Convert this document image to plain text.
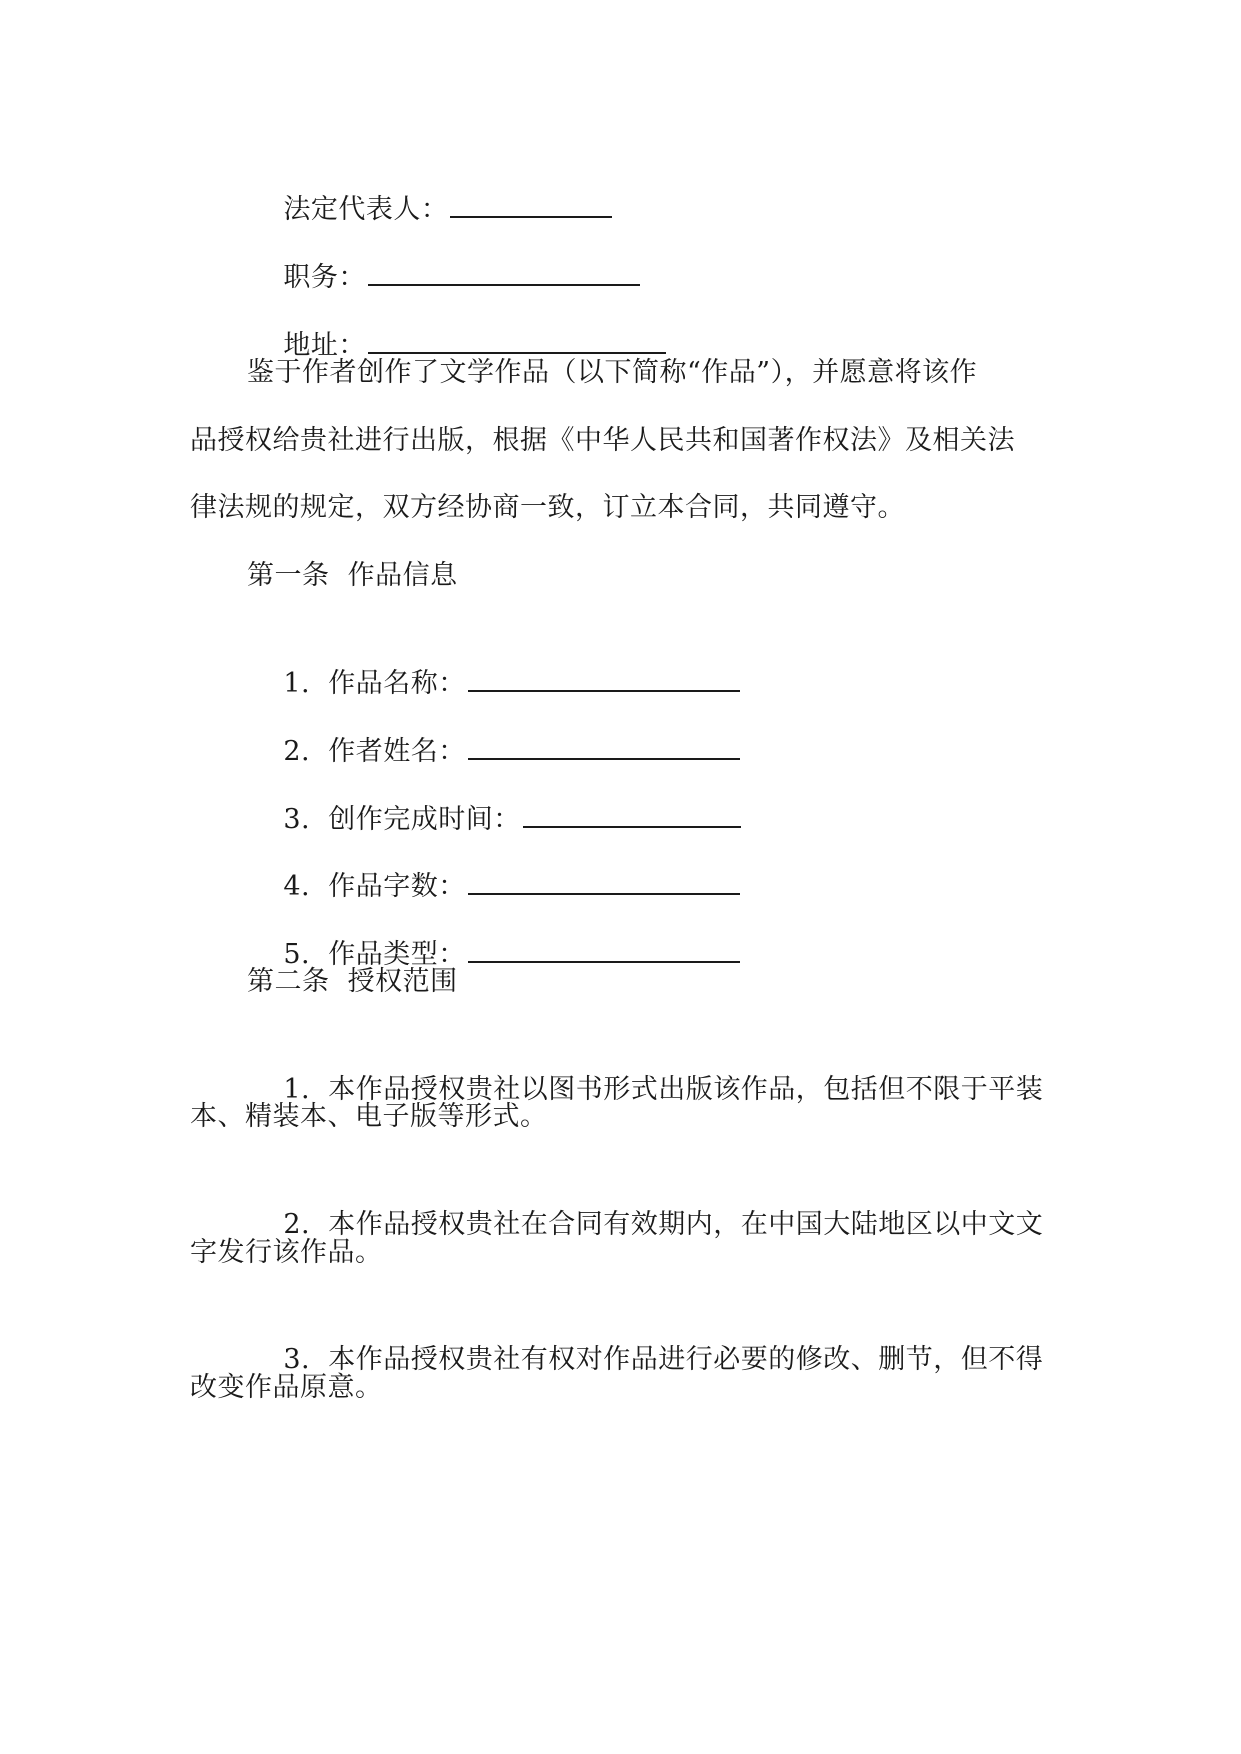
法定代表人：

职务：

地址：

鉴于作者创作了文学作品（以下简称“作品”），并愿意将该作
品授权给贵社进行出版，根据《中华人民共和国著作权法》及相关法
律法规的规定，双方经协商一致，订立本合同，共同遵守。
第一条  作品信息

1. 作品名称：

2. 作者姓名：

3. 创作完成时间：

4. 作品字数：

5. 作品类型：

第二条  授权范围

1. 本作品授权贵社以图书形式出版该作品，包括但不限于平装

本、精装本、电子版等形式。

2. 本作品授权贵社在合同有效期内，在中国大陆地区以中文文

字发行该作品。

3. 本作品授权贵社有权对作品进行必要的修改、删节，但不得

改变作品原意。
